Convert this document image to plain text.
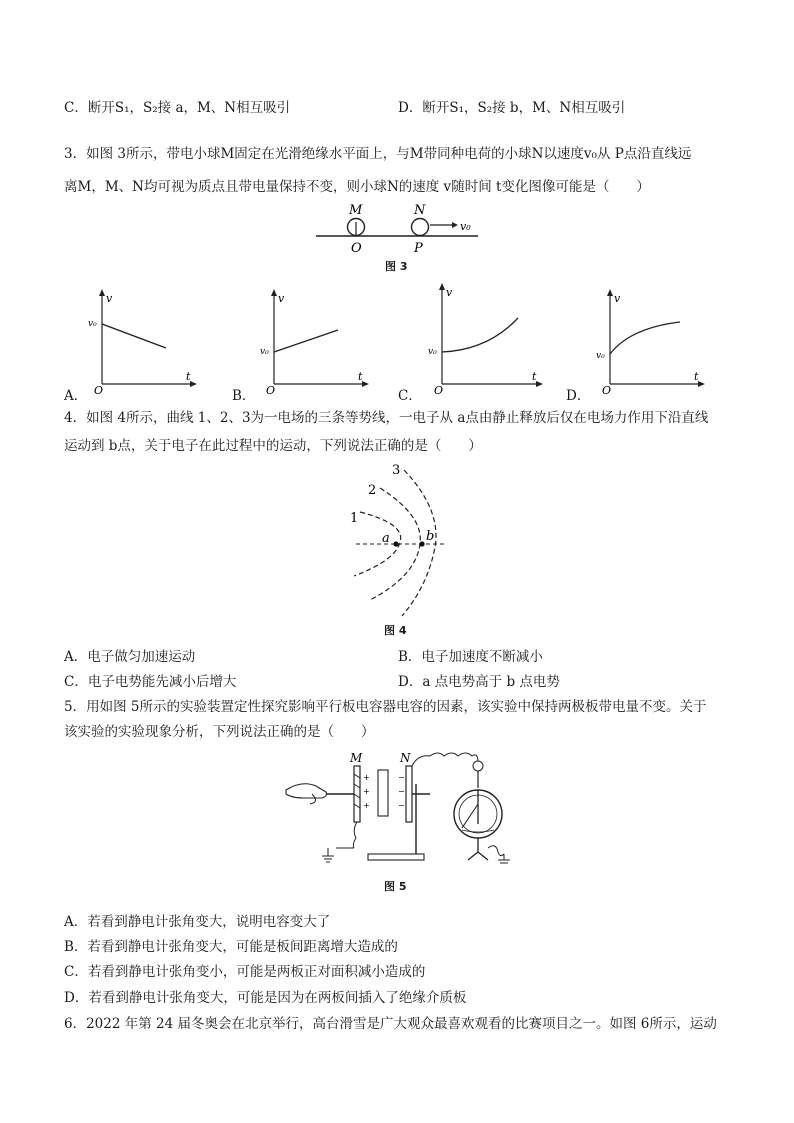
C．断开S₁，S₂接 a，M、N相互吸引	D．断开S₁，S₂接 b，M、N相互吸引
3．如图 3所示，带电小球M固定在光滑绝缘水平面上，与M带同种电荷的小球N以速度v₀从 P点沿直线远
离M，M、N均可视为质点且带电量保持不变，则小球N的速度 v随时间 t变化图像可能是（　　）
M	N
O	P
v₀
图 3
v
v₀
O
t
A．
v
v₀
O
t
B．
v
v₀
O
t
C．
v
v₀
O
t
D．
4．如图 4所示，曲线 1、2、3为一电场的三条等势线，一电子从 a点由静止释放后仅在电场力作用下沿直线
运动到 b点，关于电子在此过程中的运动，下列说法正确的是（　　）
1
2
3
a	b
图 4
A．电子做匀加速运动	B．电子加速度不断减小
C．电子电势能先减小后增大	D．a 点电势高于 b 点电势
5．用如图 5所示的实验装置定性探究影响平行板电容器电容的因素，该实验中保持两极板带电量不变。关于
该实验的实验现象分析，下列说法正确的是（　　）
+
+
+
−
−
−
M	N
图 5
A．若看到静电计张角变大，说明电容变大了
B．若看到静电计张角变大，可能是板间距离增大造成的
C．若看到静电计张角变小，可能是两板正对面积减小造成的
D．若看到静电计张角变大，可能是因为在两板间插入了绝缘介质板
6．2022 年第 24 届冬奥会在北京举行，高台滑雪是广大观众最喜欢观看的比赛项目之一。如图 6所示，运动
